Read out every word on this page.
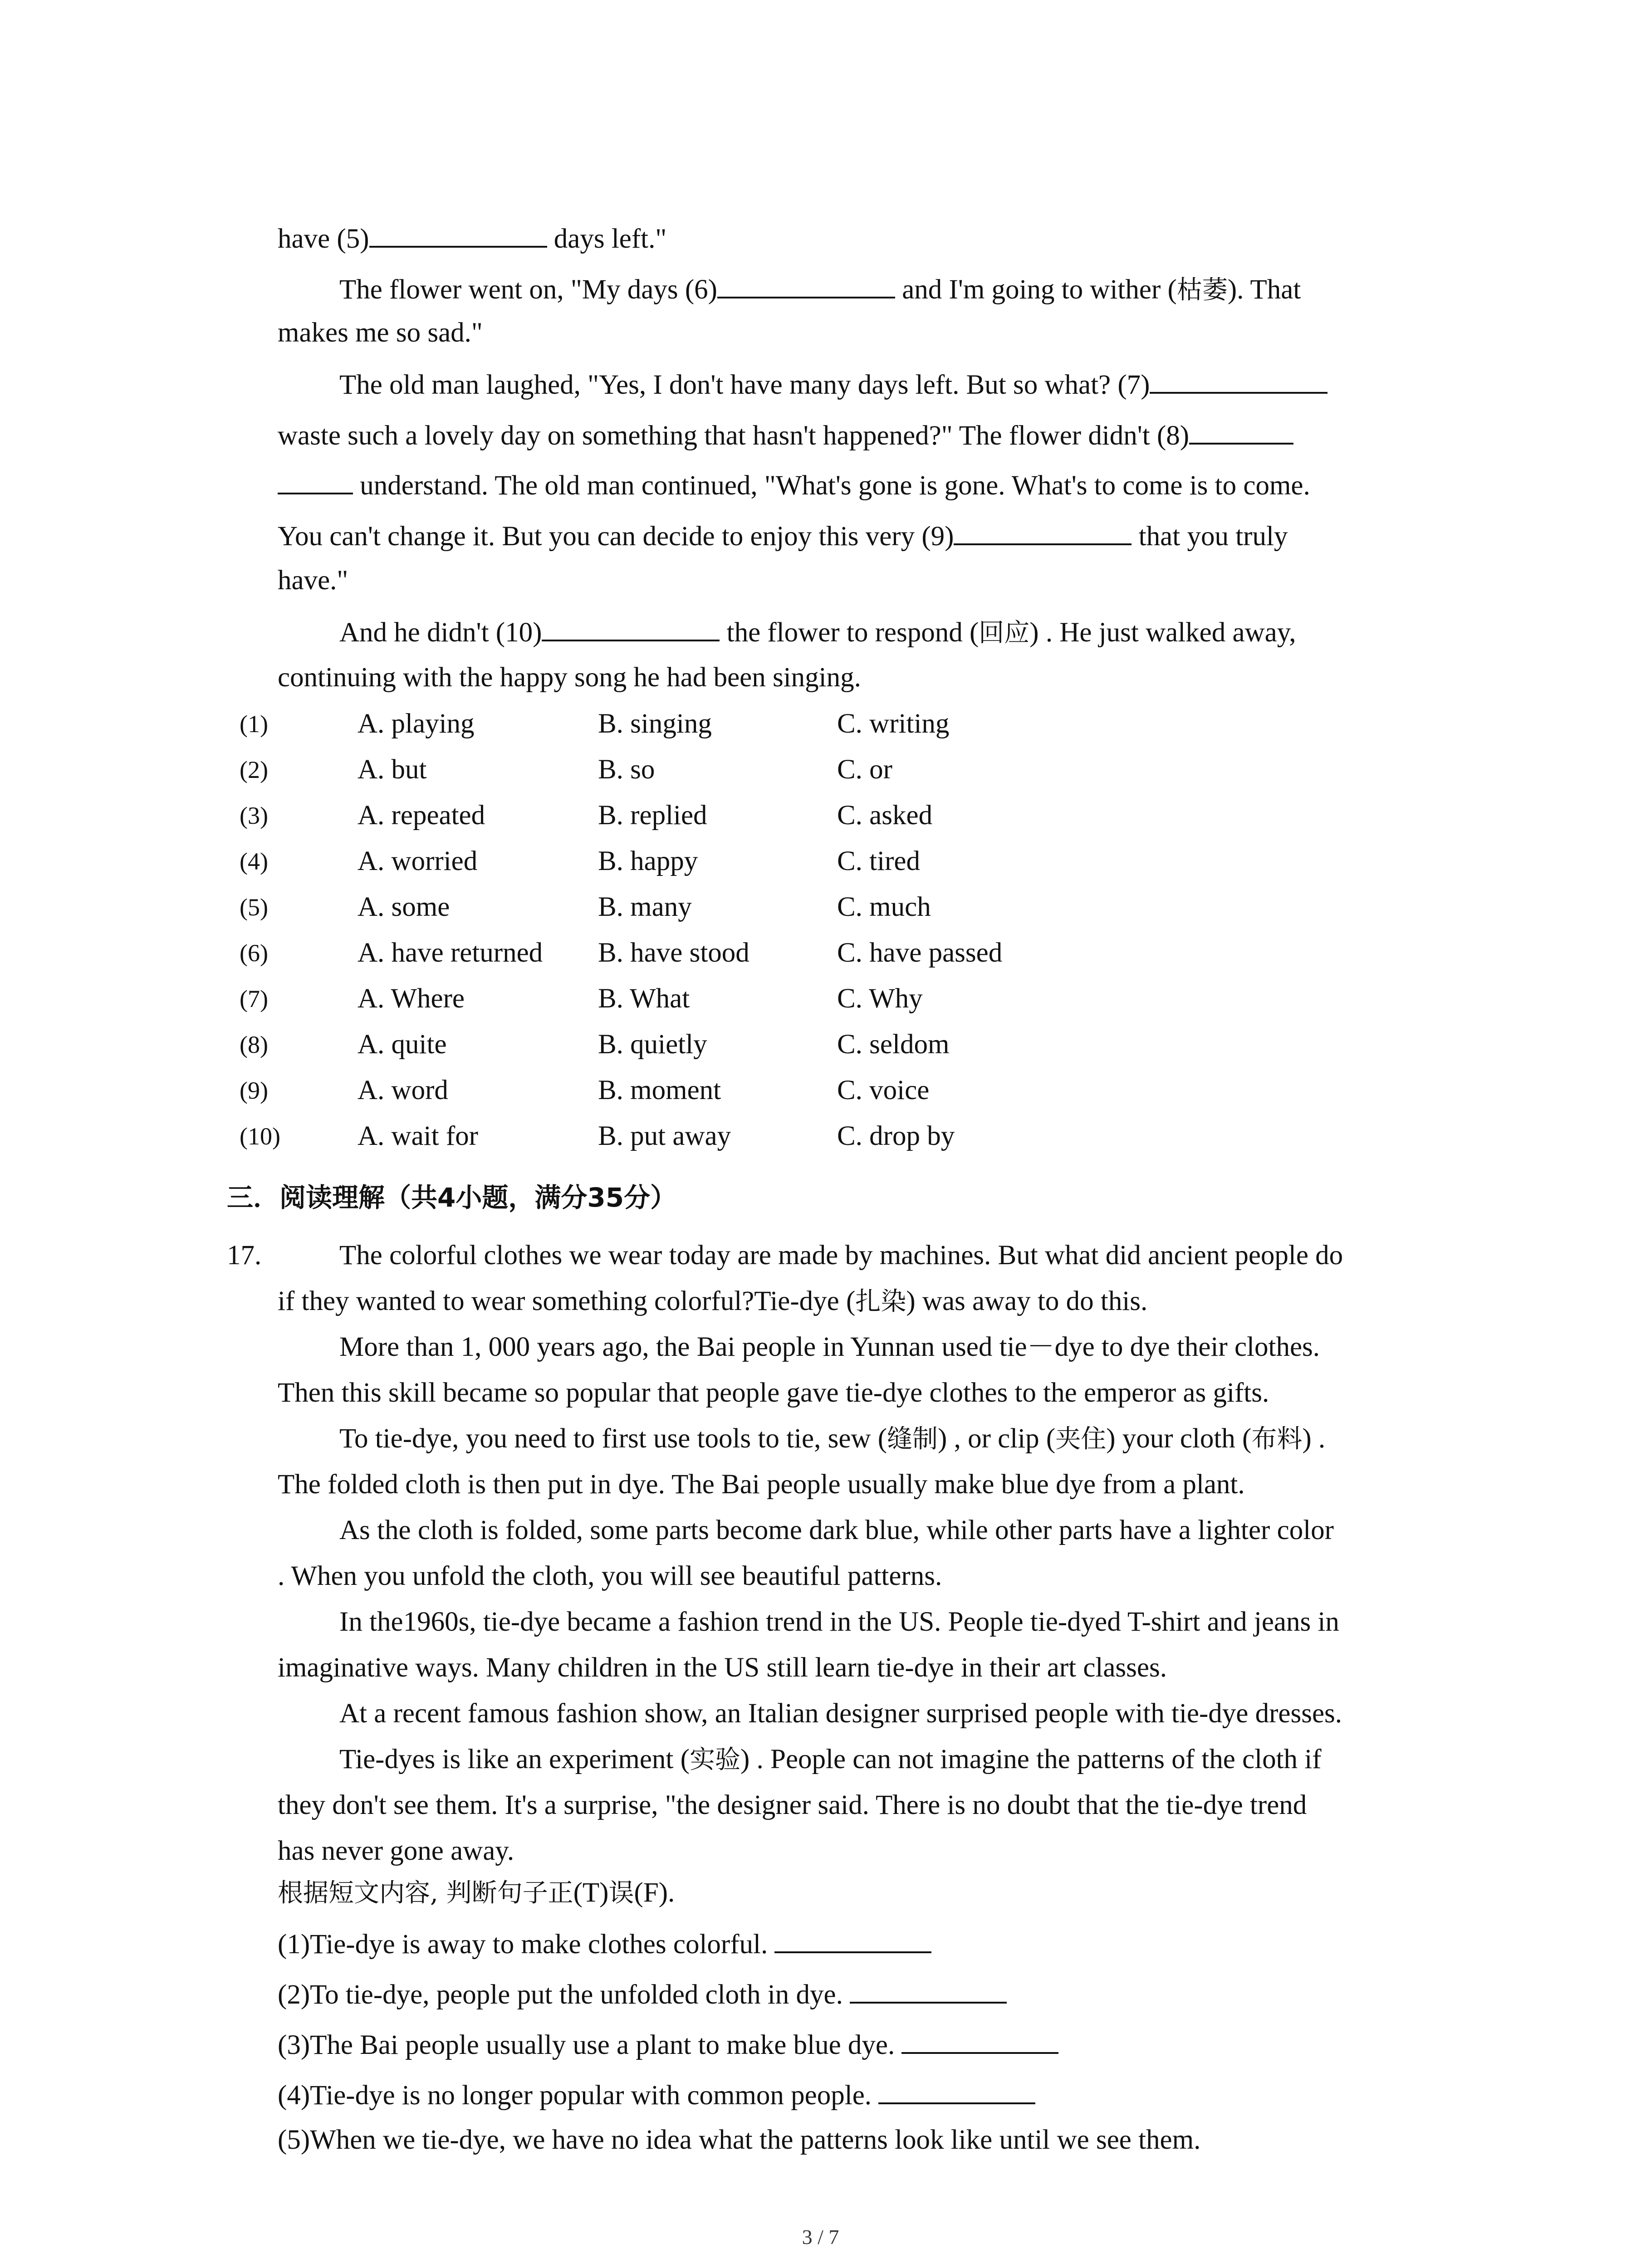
have (5)	days left."
The flower went on, "My days (6)	and I'm going to wither (枯萎). That
makes me so sad."
The old man laughed, "Yes, I don't have many days left. But so what? (7)
waste such a lovely day on something that hasn't happened?" The flower didn't (8)
understand. The old man continued, "What's gone is gone. What's to come is to come.
You can't change it. But you can decide to enjoy this very (9)	that you truly
have."
And he didn't (10)	the flower to respond (回应) . He just walked away,
continuing with the happy song he had been singing.
(1)	A. playing	B. singing	C. writing
(2)	A. but	B. so	C. or
(3)	A. repeated	B. replied	C. asked
(4)	A. worried	B. happy	C. tired
(5)	A. some	B. many	C. much
(6)	A. have returned B. have stood	C. have passed
(7)	A. Where	B. What	C. Why
(8)	A. quite	B. quietly	C. seldom
(9)	A. word	B. moment	C. voice
(10)	A. wait for	B. put away	C. drop by
三．阅读理解（共4小题，满分35分）
17.	The colorful clothes we wear today are made by machines. But what did ancient people do
if they wanted to wear something colorful?Tie-dye (扎染) was away to do this.
More than 1, 000 years ago, the Bai people in Yunnan used tie－dye to dye their clothes.
Then this skill became so popular that people gave tie-dye clothes to the emperor as gifts.
To tie-dye, you need to first use tools to tie, sew (缝制) , or clip (夹住) your cloth (布料) .
The folded cloth is then put in dye. The Bai people usually make blue dye from a plant.
As the cloth is folded, some parts become dark blue, while other parts have a lighter color
. When you unfold the cloth, you will see beautiful patterns.
In the1960s, tie-dye became a fashion trend in the US. People tie-dyed T-shirt and jeans in
imaginative ways. Many children in the US still learn tie-dye in their art classes.
At a recent famous fashion show, an Italian designer surprised people with tie-dye dresses.
Tie-dyes is like an experiment (实验) . People can not imagine the patterns of the cloth if
they don't see them. It's a surprise, "the designer said. There is no doubt that the tie-dye trend
has never gone away.
根据短文内容, 判断句子正(T)误(F).
(1)Tie-dye is away to make clothes colorful.
(2)To tie-dye, people put the unfolded cloth in dye.
(3)The Bai people usually use a plant to make blue dye.
(4)Tie-dye is no longer popular with common people.
(5)When we tie-dye, we have no idea what the patterns look like until we see them.
3 / 7
